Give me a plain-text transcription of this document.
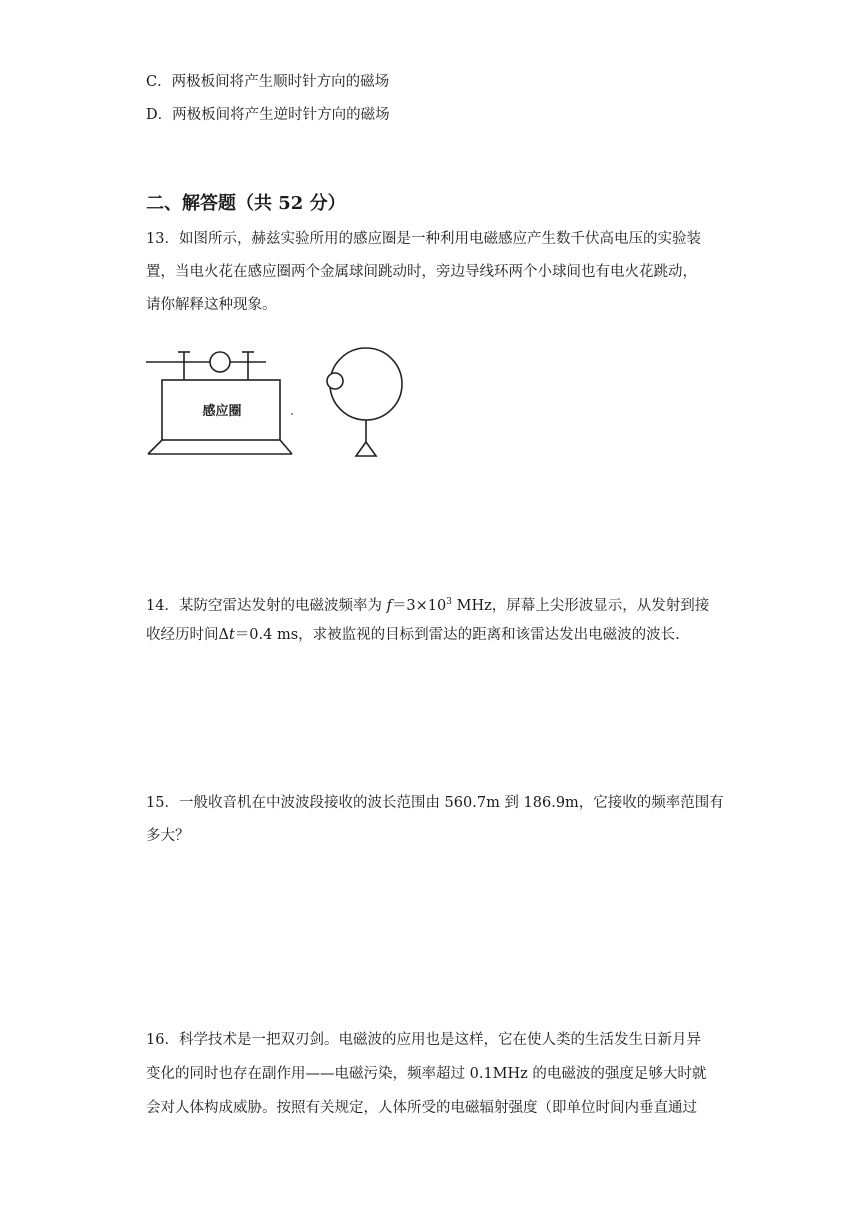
C．两极板间将产生顺时针方向的磁场
D．两极板间将产生逆时针方向的磁场
二、解答题（共 52 分）
13．如图所示，赫兹实验所用的感应圈是一种利用电磁感应产生数千伏高电压的实验装
置，当电火花在感应圈两个金属球间跳动时，旁边导线环两个小球间也有电火花跳动，
请你解释这种现象。
感应圈
14．某防空雷达发射的电磁波频率为 $f=3\times 10^3$ MHz，屏幕上尖形波显示，从发射到接
收经历时间Δt＝0.4 ms，求被监视的目标到雷达的距离和该雷达发出电磁波的波长.
15．一般收音机在中波波段接收的波长范围由 560.7m 到 186.9m，它接收的频率范围有
多大？
16．科学技术是一把双刃剑。电磁波的应用也是这样，它在使人类的生活发生日新月异
变化的同时也存在副作用——电磁污染，频率超过 0.1MHz 的电磁波的强度足够大时就
会对人体构成威胁。按照有关规定，人体所受的电磁辐射强度（即单位时间内垂直通过
